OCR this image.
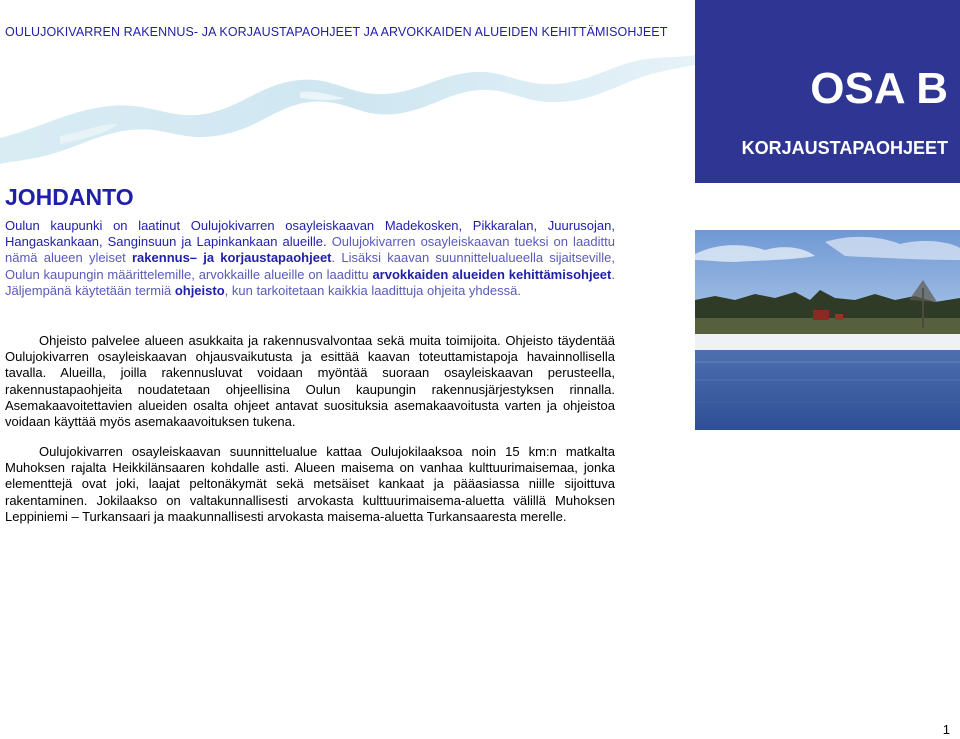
OULUJOKIVARREN RAKENNUS- JA KORJAUSTAPAOHJEET JA ARVOKKAIDEN ALUEIDEN KEHITTÄMISOHJEET
OSA B
KORJAUSTAPAOHJEET
JOHDANTO

Oulun kaupunki on laatinut Oulujokivarren osayleiskaavan Madekosken, Pikkaralan, Juurusojan, Hangaskankaan, Sanginsuun ja Lapinkankaan alueille. Oulujokivarren osayleiskaavan tueksi on laadittu nämä alueen yleiset rakennus– ja korjaustapaohjeet. Lisäksi kaavan suunnittelualueella sijaitseville, Oulun kaupungin määrittelemille, arvokkaille alueille on laadittu arvokkaiden alueiden kehittämisohjeet. Jäljempänä käytetään termiä ohjeisto, kun tarkoitetaan kaikkia laadittuja ohjeita yhdessä.

Ohjeisto palvelee alueen asukkaita ja rakennusvalvontaa sekä muita toimijoita. Ohjeisto täydentää Oulujokivarren osayleiskaavan ohjausvaikutusta ja esittää kaavan toteuttamistapoja havainnollisella tavalla. Alueilla, joilla rakennusluvat voidaan myöntää suoraan osayleiskaavan perusteella, rakennustapaohjeita noudatetaan ohjeellisina Oulun kaupungin rakennusjärjestyksen rinnalla. Asemakaavoitettavien alueiden osalta ohjeet antavat suosituksia asemakaavoitusta varten ja ohjeistoa voidaan käyttää myös asemakaavoituksen tukena.

Oulujokivarren osayleiskaavan suunnittelualue kattaa Oulujokilaaksoa noin 15 km:n matkalta Muhoksen rajalta Heikkilänsaaren kohdalle asti. Alueen maisema on vanhaa kulttuurimaisemaa, jonka elementtejä ovat joki, laajat peltonäkymät sekä metsäiset kankaat ja pääasiassa niille sijoittuva rakentaminen. Jokilaakso on valtakunnallisesti arvokasta kulttuurimaisema-aluetta välillä Muhoksen Leppiniemi – Turkansaari ja maakunnallisesti arvokasta maisema-aluetta Turkansaaresta merelle.

1
